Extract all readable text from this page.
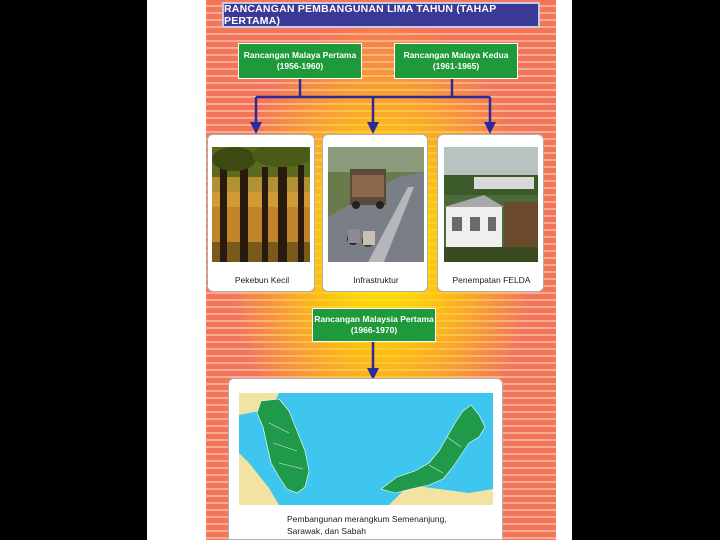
RANCANGAN PEMBANGUNAN LIMA TAHUN (TAHAP PERTAMA)
Rancangan Malaya Pertama
(1956-1960)
Rancangan Malaya Kedua
(1961-1965)
Pekebun Kecil	Infrastruktur	Penempatan FELDA
Rancangan Malaysia Pertama
(1966-1970)
Pembangunan merangkum Semenanjung,
Sarawak, dan Sabah
